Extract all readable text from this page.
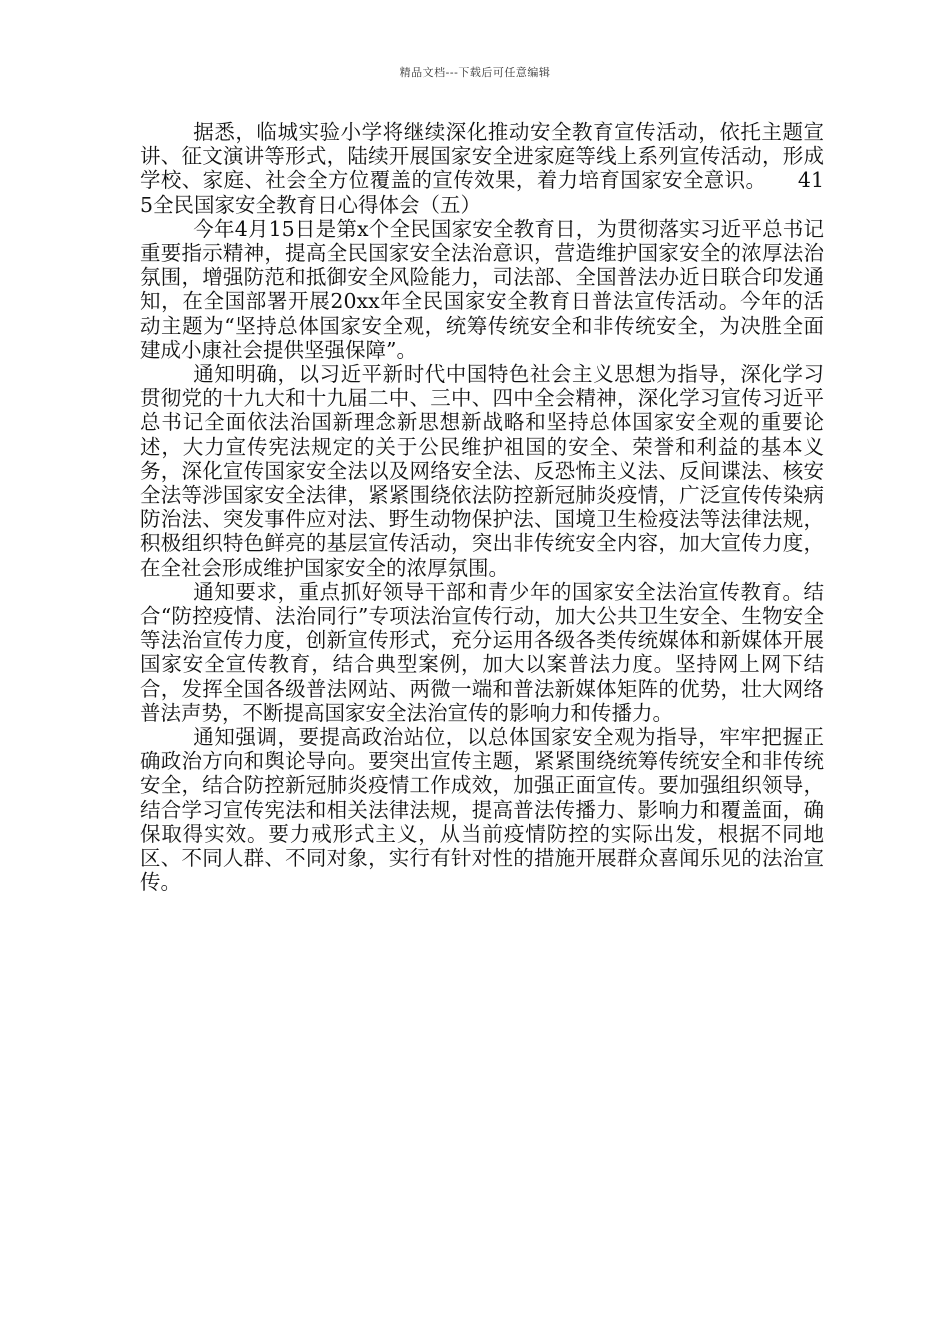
精品文档---下载后可任意编辑

据悉，临城实验小学将继续深化推动安全教育宣传活动，依托主题宣讲、征文演讲等形式，陆续开展国家安全进家庭等线上系列宣传活动，形成学校、家庭、社会全方位覆盖的宣传效果，着力培育国家安全意识。　　415全民国家安全教育日心得体会（五）

今年4月15日是第x个全民国家安全教育日，为贯彻落实习近平总书记重要指示精神，提高全民国家安全法治意识，营造维护国家安全的浓厚法治氛围，增强防范和抵御安全风险能力，司法部、全国普法办近日联合印发通知，在全国部署开展20xx年全民国家安全教育日普法宣传活动。今年的活动主题为“坚持总体国家安全观，统筹传统安全和非传统安全，为决胜全面建成小康社会提供坚强保障”。

通知明确，以习近平新时代中国特色社会主义思想为指导，深化学习贯彻党的十九大和十九届二中、三中、四中全会精神，深化学习宣传习近平总书记全面依法治国新理念新思想新战略和坚持总体国家安全观的重要论述，大力宣传宪法规定的关于公民维护祖国的安全、荣誉和利益的基本义务，深化宣传国家安全法以及网络安全法、反恐怖主义法、反间谍法、核安全法等涉国家安全法律，紧紧围绕依法防控新冠肺炎疫情，广泛宣传传染病防治法、突发事件应对法、野生动物保护法、国境卫生检疫法等法律法规，积极组织特色鲜亮的基层宣传活动，突出非传统安全内容，加大宣传力度，在全社会形成维护国家安全的浓厚氛围。

通知要求，重点抓好领导干部和青少年的国家安全法治宣传教育。结合“防控疫情、法治同行”专项法治宣传行动，加大公共卫生安全、生物安全等法治宣传力度，创新宣传形式，充分运用各级各类传统媒体和新媒体开展国家安全宣传教育，结合典型案例，加大以案普法力度。坚持网上网下结合，发挥全国各级普法网站、两微一端和普法新媒体矩阵的优势，壮大网络普法声势，不断提高国家安全法治宣传的影响力和传播力。

通知强调，要提高政治站位，以总体国家安全观为指导，牢牢把握正确政治方向和舆论导向。要突出宣传主题，紧紧围绕统筹传统安全和非传统安全，结合防控新冠肺炎疫情工作成效，加强正面宣传。要加强组织领导，结合学习宣传宪法和相关法律法规，提高普法传播力、影响力和覆盖面，确保取得实效。要力戒形式主义，从当前疫情防控的实际出发，根据不同地区、不同人群、不同对象，实行有针对性的措施开展群众喜闻乐见的法治宣传。
